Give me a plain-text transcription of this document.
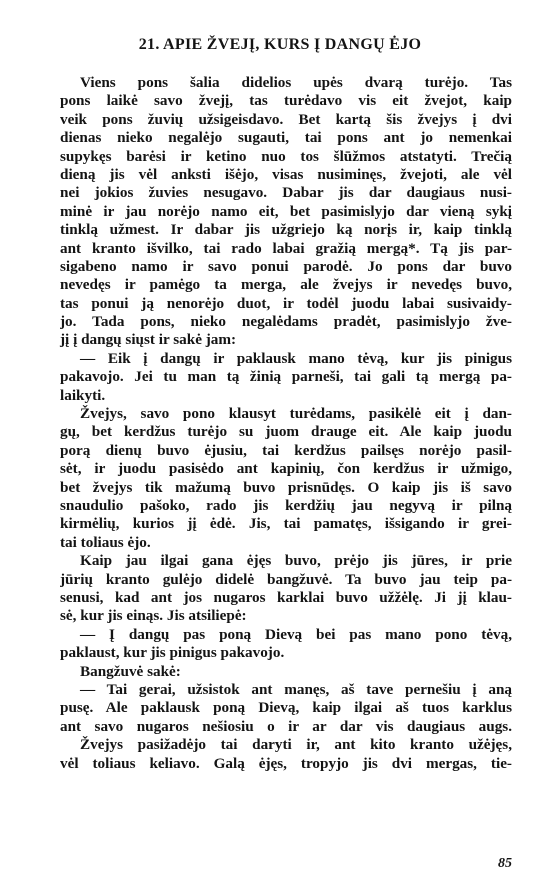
21. APIE ŽVEJĮ, KURS Į DANGŲ ĖJO
Viens pons šalia didelios upės dvarą turėjo. Tas
pons laikė savo žvejį, tas turėdavo vis eit žvejot, kaip
veik pons žuvių užsigeisdavo. Bet kartą šis žvejys į dvi
dienas nieko negalėjo sugauti, tai pons ant jo nemenkai
supykęs barėsi ir ketino nuo tos šlūžmos atstatyti. Trečią
dieną jis vėl anksti išėjo, visas nusiminęs, žvejoti, ale vėl
nei jokios žuvies nesugavo. Dabar jis dar daugiaus nusi-
minė ir jau norėjo namo eit, bet pasimislyjo dar vieną sykį
tinklą užmest. Ir dabar jis užgriejo ką norįs ir, kaip tinklą
ant kranto išvilko, tai rado labai gražią mergą*. Tą jis par-
sigabeno namo ir savo ponui parodė. Jo pons dar buvo
nevedęs ir pamėgo ta merga, ale žvejys ir nevedęs buvo,
tas ponui ją nenorėjo duot, ir todėl juodu labai susivaidy-
jo. Tada pons, nieko negalėdams pradėt, pasimislyjo žve-
jį į dangų siųst ir sakė jam:
— Eik į dangų ir paklausk mano tėvą, kur jis pinigus
pakavojo. Jei tu man tą žinią parneši, tai gali tą mergą pa-
laikyti.
Žvejys, savo pono klausyt turėdams, pasikėlė eit į dan-
gų, bet kerdžus turėjo su juom drauge eit. Ale kaip juodu
porą dienų buvo ėjusiu, tai kerdžus pailsęs norėjo pasil-
sėt, ir juodu pasisėdo ant kapinių, čon kerdžus ir užmigo,
bet žvejys tik mažumą buvo prisnūdęs. O kaip jis iš savo
snaudulio pašoko, rado jis kerdžių jau negyvą ir pilną
kirmėlių, kurios jį ėdė. Jis, tai pamatęs, išsigando ir grei-
tai toliaus ėjo.
Kaip jau ilgai gana ėjęs buvo, prėjo jis jūres, ir prie
jūrių kranto gulėjo didelė bangžuvė. Ta buvo jau teip pa-
senusi, kad ant jos nugaros karklai buvo užžėlę. Ji jį klau-
sė, kur jis einąs. Jis atsiliepė:
— Į dangų pas poną Dievą bei pas mano pono tėvą,
paklaust, kur jis pinigus pakavojo.
Bangžuvė sakė:
— Tai gerai, užsistok ant manęs, aš tave pernešiu į aną
pusę. Ale paklausk poną Dievą, kaip ilgai aš tuos karklus
ant savo nugaros nešiosiu o ir ar dar vis daugiaus augs.
Žvejys pasižadėjo tai daryti ir, ant kito kranto užėjęs,
vėl toliaus keliavo. Galą ėjęs, tropyjo jis dvi mergas, tie-
85
